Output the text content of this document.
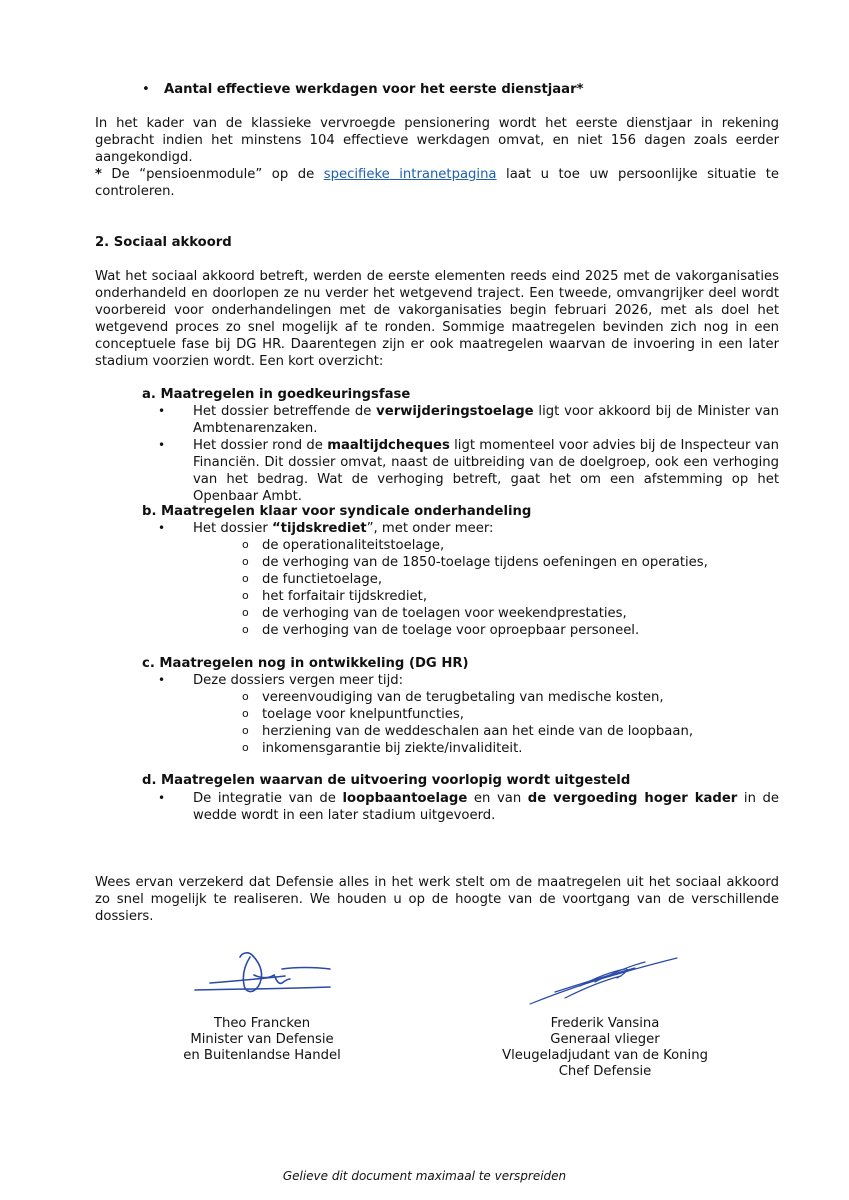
• Aantal effectieve werkdagen voor het eerste dienstjaar*

In het kader van de klassieke vervroegde pensionering wordt het eerste dienstjaar in rekening gebracht indien het minstens 104 effectieve werkdagen omvat, en niet 156 dagen zoals eerder aangekondigd.

* De “pensioenmodule” op de specifieke intranetpagina laat u toe uw persoonlijke situatie te controleren.

2. Sociaal akkoord

Wat het sociaal akkoord betreft, werden de eerste elementen reeds eind 2025 met de vakorganisaties onderhandeld en doorlopen ze nu verder het wetgevend traject. Een tweede, omvangrijker deel wordt voorbereid voor onderhandelingen met de vakorganisaties begin februari 2026, met als doel het wetgevend proces zo snel mogelijk af te ronden. Sommige maatregelen bevinden zich nog in een conceptuele fase bij DG HR. Daarentegen zijn er ook maatregelen waarvan de invoering in een later stadium voorzien wordt. Een kort overzicht:

a. Maatregelen in goedkeuringsfase
• Het dossier betreffende de verwijderingstoelage ligt voor akkoord bij de Minister van Ambtenarenzaken.
• Het dossier rond de maaltijdcheques ligt momenteel voor advies bij de Inspecteur van Financiën. Dit dossier omvat, naast de uitbreiding van de doelgroep, ook een verhoging van het bedrag. Wat de verhoging betreft, gaat het om een afstemming op het Openbaar Ambt.
b. Maatregelen klaar voor syndicale onderhandeling
• Het dossier “tijdskrediet”, met onder meer:
o de operationaliteitstoelage,
o de verhoging van de 1850-toelage tijdens oefeningen en operaties,
o de functietoelage,
o het forfaitair tijdskrediet,
o de verhoging van de toelagen voor weekendprestaties,
o de verhoging van de toelage voor oproepbaar personeel.
c. Maatregelen nog in ontwikkeling (DG HR)
• Deze dossiers vergen meer tijd:
o vereenvoudiging van de terugbetaling van medische kosten,
o toelage voor knelpuntfuncties,
o herziening van de weddeschalen aan het einde van de loopbaan,
o inkomensgarantie bij ziekte/invaliditeit.
d. Maatregelen waarvan de uitvoering voorlopig wordt uitgesteld
• De integratie van de loopbaantoelage en van de vergoeding hoger kader in de wedde wordt in een later stadium uitgevoerd.

Wees ervan verzekerd dat Defensie alles in het werk stelt om de maatregelen uit het sociaal akkoord zo snel mogelijk te realiseren. We houden u op de hoogte van de voortgang van de verschillende dossiers.

Theo Francken
Minister van Defensie
en Buitenlandse Handel
Frederik Vansina
Generaal vlieger
Vleugeladjudant van de Koning
Chef Defensie
Gelieve dit document maximaal te verspreiden
